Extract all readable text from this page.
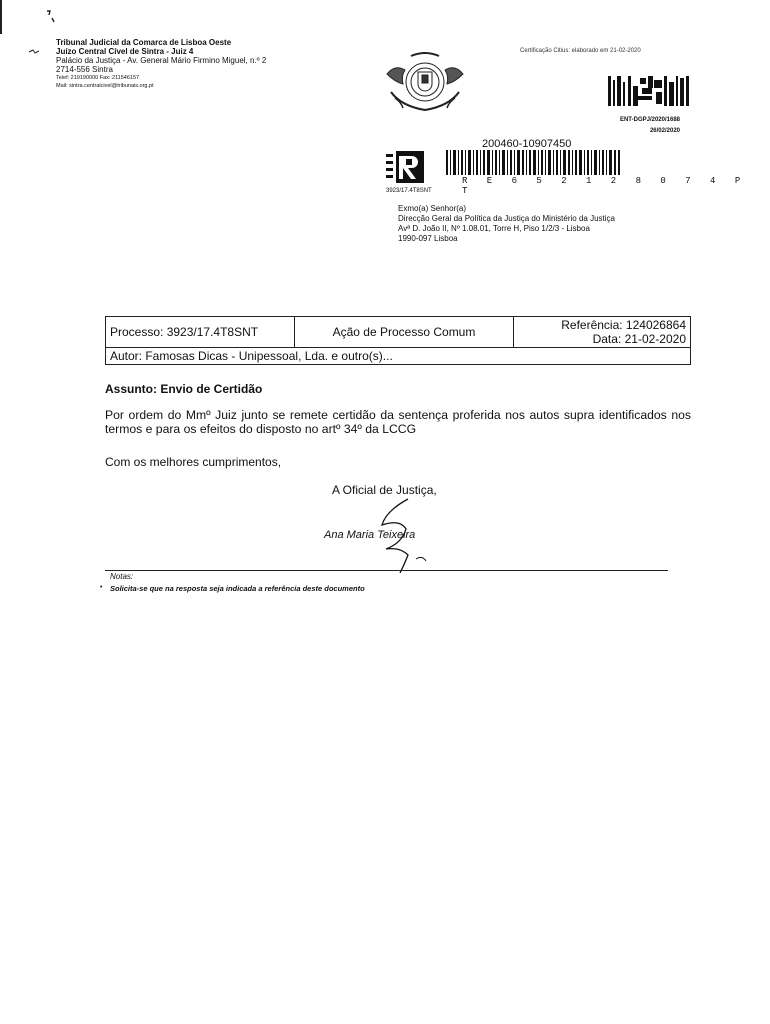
Tribunal Judicial da Comarca de Lisboa Oeste
Juízo Central Cível de Sintra - Juiz 4
Palácio da Justiça - Av. General Mário Firmino Miguel, n.º 2
2714-556 Sintra
Telef: 219190000 Fax: 211546157
Mail: sintra.centralcivel@tribunais.org.pt
Certificação Citius: elaborado em 21-02-2020
ENT-DGPJ/2020/1688
26/02/2020
200460-10907450
R E 6 5 2 1 2 8 0 7 4 P T
3923/17.4T8SNT
Exmo(a) Senhor(a)
Direcção Geral da Política da Justiça do Ministério da Justiça
Avª D. João II, Nº 1.08.01, Torre H, Piso 1/2/3 - Lisboa
1990-097 Lisboa
Processo: 3923/17.4T8SNT	Ação de Processo Comum	Referência: 124026864
Data: 21-02-2020

Autor: Famosas Dicas - Unipessoal, Lda. e outro(s)...
Assunto: Envio de Certidão
Por ordem do Mmº Juiz junto se remete certidão da sentença proferida nos autos supra identificados nos termos e para os efeitos do disposto no artº 34º da LCCG
Com os melhores cumprimentos,
A Oficial de Justiça,
Ana Maria Teixeira
Notas:
• Solicita-se que na resposta seja indicada a referência deste documento
